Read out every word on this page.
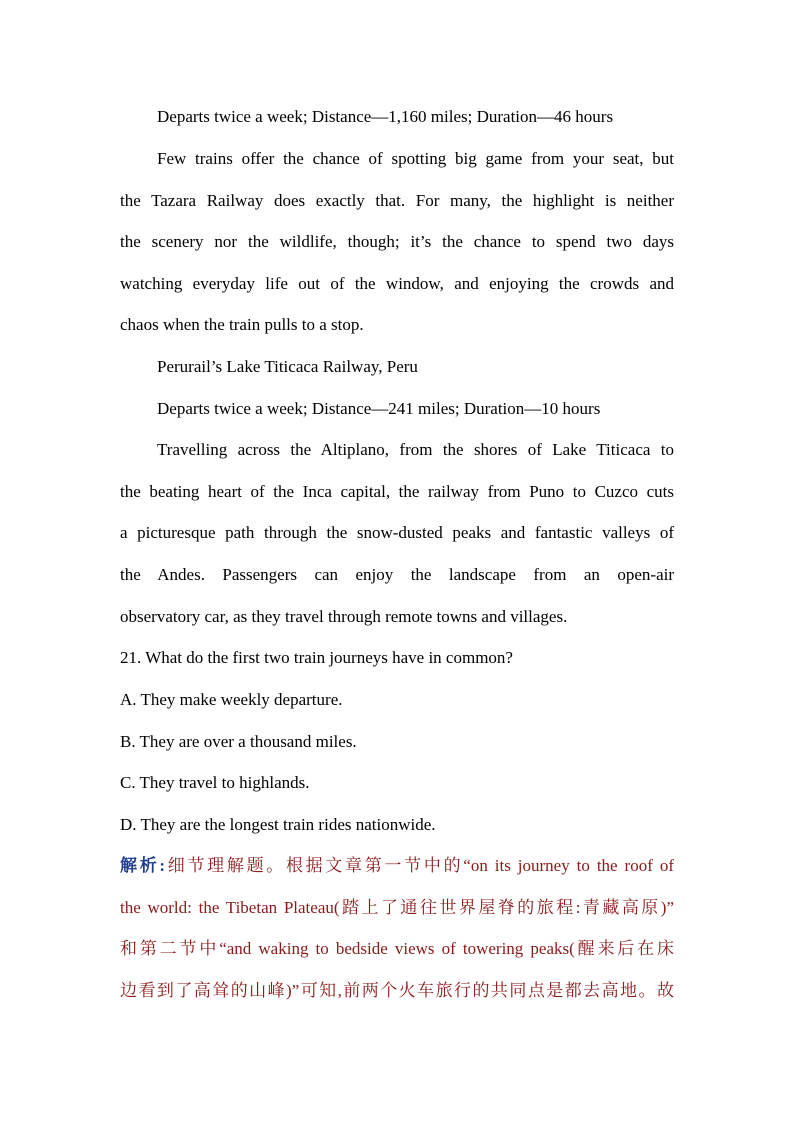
Departs twice a week; Distance—1,160 miles; Duration—46 hours
Few trains offer the chance of spotting big game from your seat, but
the Tazara Railway does exactly that. For many, the highlight is neither
the scenery nor the wildlife, though; it’s the chance to spend two days
watching everyday life out of the window, and enjoying the crowds and
chaos when the train pulls to a stop.
Perurail’s Lake Titicaca Railway, Peru
Departs twice a week; Distance—241 miles; Duration—10 hours
Travelling across the Altiplano, from the shores of Lake Titicaca to
the beating heart of the Inca capital, the railway from Puno to Cuzco cuts
a picturesque path through the snow-dusted peaks and fantastic valleys of
the Andes. Passengers can enjoy the landscape from an open-air
observatory car, as they travel through remote towns and villages.
21. What do the first two train journeys have in common?
A. They make weekly departure.
B. They are over a thousand miles.
C. They travel to highlands.
D. They are the longest train rides nationwide.
解析:细节理解题。根据文章第一节中的“on its journey to the roof of
the world: the Tibetan Plateau(踏上了通往世界屋脊的旅程:青藏高原)”
和第二节中“and waking to bedside views of towering peaks(醒来后在床
边看到了高耸的山峰)”可知,前两个火车旅行的共同点是都去高地。故
